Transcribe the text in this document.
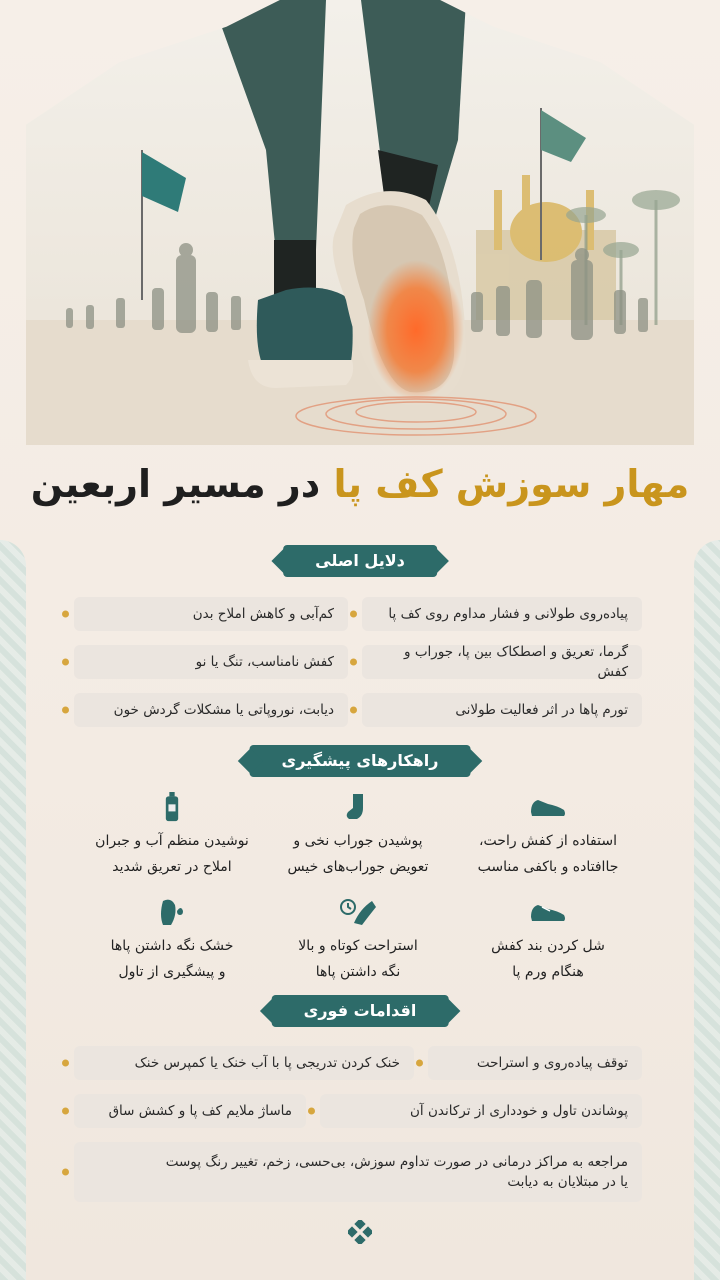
مهار سوزش کف پا در مسیر اربعین
دلایل اصلی
پیاده‌روی طولانی و فشار مداوم روی کف پا
کم‌آبی و کاهش املاح بدن
گرما، تعریق و اصطکاک بین پا، جوراب و کفش
کفش نامناسب، تنگ یا نو
تورم پاها در اثر فعالیت طولانی
دیابت، نوروپاتی یا مشکلات گردش خون
راهکارهای پیشگیری
استفاده از کفش راحت،
جاافتاده و باکفی مناسب
پوشیدن جوراب نخی و
تعویض جوراب‌های خیس
نوشیدن منظم آب و جبران
املاح در تعریق شدید
شل کردن بند کفش
هنگام ورم پا
استراحت کوتاه و بالا
نگه داشتن پاها
خشک نگه داشتن پاها
و پیشگیری از تاول
اقدامات فوری
توقف پیاده‌روی و استراحت
خنک کردن تدریجی پا با آب خنک یا کمپرس خنک
پوشاندن تاول و خودداری از ترکاندن آن
ماساژ ملایم کف پا و کشش ساق
مراجعه به مراکز درمانی در صورت تداوم سوزش، بی‌حسی، زخم، تغییر رنگ پوست
یا در مبتلایان به دیابت
